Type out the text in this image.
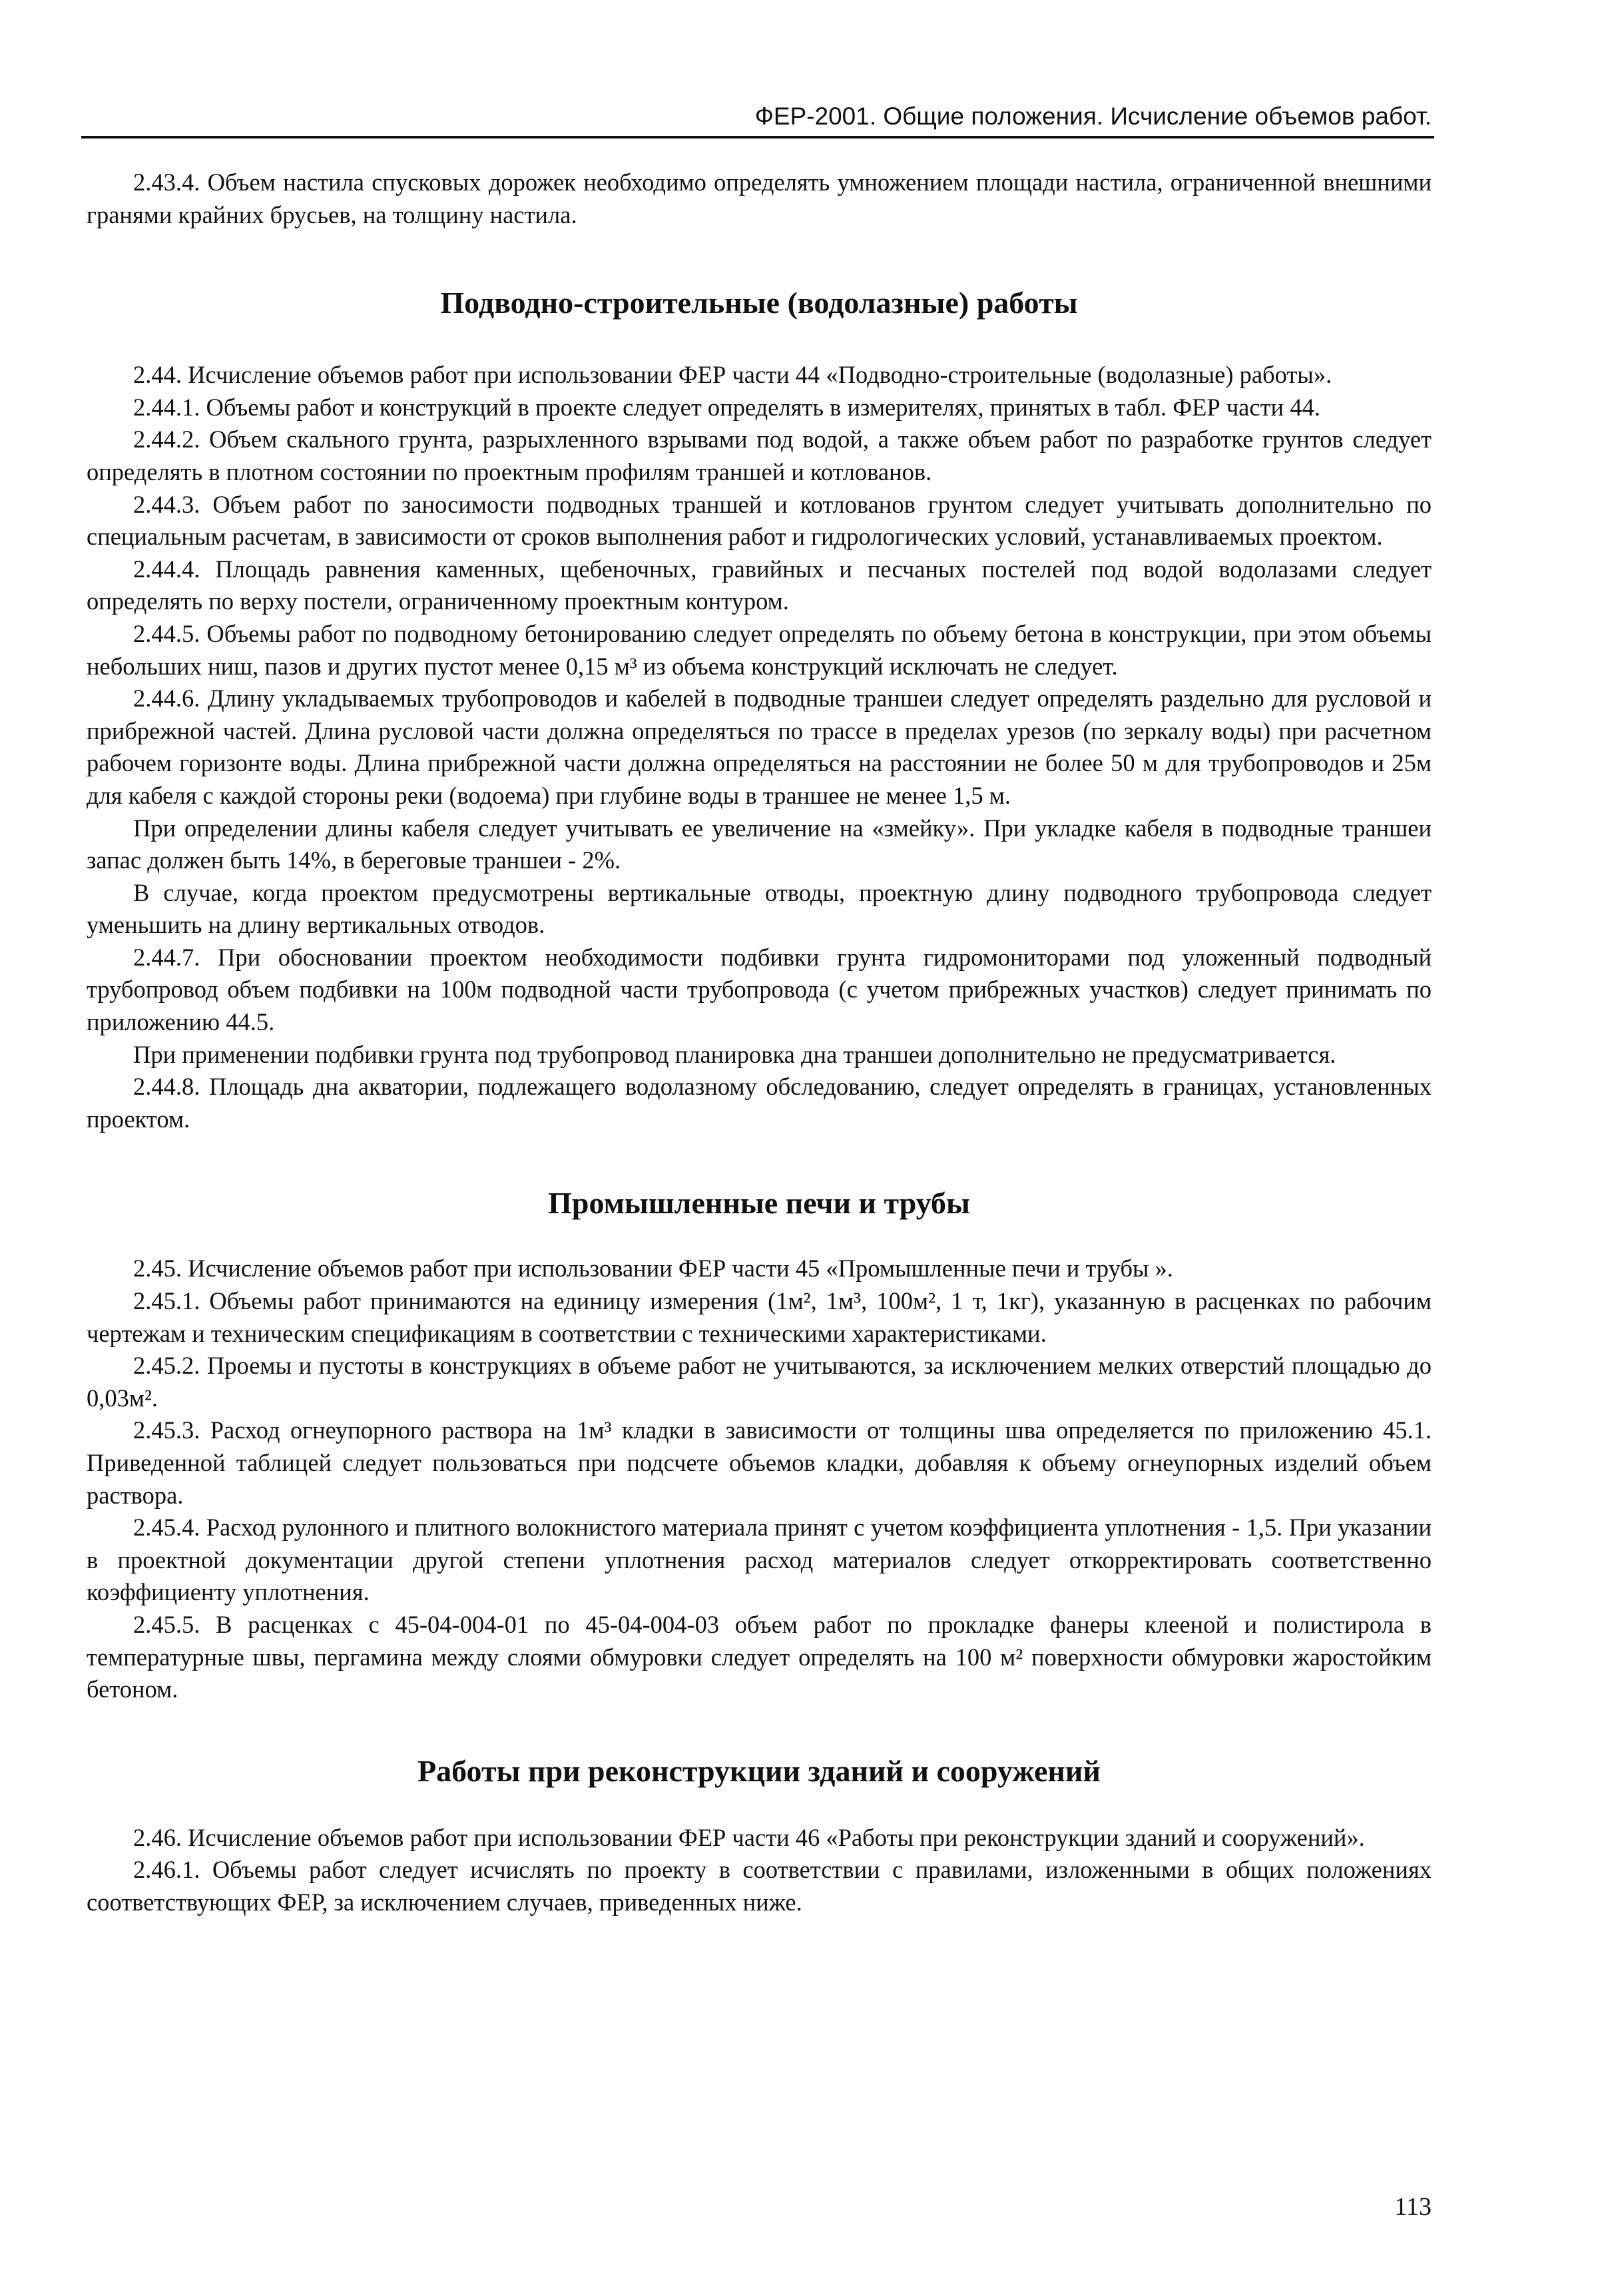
ФЕР-2001. Общие положения. Исчисление объемов работ.

2.43.4. Объем настила спусковых дорожек необходимо определять умножением площади настила, ограниченной внешними гранями крайних брусьев, на толщину настила.

Подводно-строительные (водолазные) работы

2.44. Исчисление объемов работ при использовании ФЕР части 44 «Подводно-строительные (водолазные) работы».

2.44.1. Объемы работ и конструкций в проекте следует определять в измерителях, принятых в табл. ФЕР части 44.

2.44.2. Объем скального грунта, разрыхленного взрывами под водой, а также объем работ по разработке грунтов следует определять в плотном состоянии по проектным профилям траншей и котлованов.

2.44.3. Объем работ по заносимости подводных траншей и котлованов грунтом следует учитывать дополнительно по специальным расчетам, в зависимости от сроков выполнения работ и гидрологических условий, устанавливаемых проектом.

2.44.4. Площадь равнения каменных, щебеночных, гравийных и песчаных постелей под водой водолазами следует определять по верху постели, ограниченному проектным контуром.

2.44.5. Объемы работ по подводному бетонированию следует определять по объему бетона в конструкции, при этом объемы небольших ниш, пазов и других пустот менее 0,15 м³ из объема конструкций исключать не следует.

2.44.6. Длину укладываемых трубопроводов и кабелей в подводные траншеи следует определять раздельно для русловой и прибрежной частей. Длина русловой части должна определяться по трассе в пределах урезов (по зеркалу воды) при расчетном рабочем горизонте воды. Длина прибрежной части должна определяться на расстоянии не более 50 м для трубопроводов и 25м для кабеля с каждой стороны реки (водоема) при глубине воды в траншее не менее 1,5 м.

При определении длины кабеля следует учитывать ее увеличение на «змейку». При укладке кабеля в подводные траншеи запас должен быть 14%, в береговые траншеи - 2%.

В случае, когда проектом предусмотрены вертикальные отводы, проектную длину подводного трубопровода следует уменьшить на длину вертикальных отводов.

2.44.7. При обосновании проектом необходимости подбивки грунта гидромониторами под уложенный подводный трубопровод объем подбивки на 100м подводной части трубопровода (с учетом прибрежных участков) следует принимать по приложению 44.5.

При применении подбивки грунта под трубопровод планировка дна траншеи дополнительно не предусматривается.

2.44.8. Площадь дна акватории, подлежащего водолазному обследованию, следует определять в границах, установленных проектом.

Промышленные печи и трубы

2.45. Исчисление объемов работ при использовании ФЕР части 45 «Промышленные печи и трубы ».

2.45.1. Объемы работ принимаются на единицу измерения (1м², 1м³, 100м², 1 т, 1кг), указанную в расценках по рабочим чертежам и техническим спецификациям в соответствии с техническими характеристиками.

2.45.2. Проемы и пустоты в конструкциях в объеме работ не учитываются, за исключением мелких отверстий площадью до 0,03м².

2.45.3. Расход огнеупорного раствора на 1м³ кладки в зависимости от толщины шва определяется по приложению 45.1. Приведенной таблицей следует пользоваться при подсчете объемов кладки, добавляя к объему огнеупорных изделий объем раствора.

2.45.4. Расход рулонного и плитного волокнистого материала принят с учетом коэффициента уплотнения - 1,5. При указании в проектной документации другой степени уплотнения расход материалов следует откорректировать соответственно коэффициенту уплотнения.

2.45.5. В расценках с 45-04-004-01 по 45-04-004-03 объем работ по прокладке фанеры клееной и полистирола в температурные швы, пергамина между слоями обмуровки следует определять на 100 м² поверхности обмуровки жаростойким бетоном.

Работы при реконструкции зданий и сооружений

2.46. Исчисление объемов работ при использовании ФЕР части 46 «Работы при реконструкции зданий и сооружений».

2.46.1. Объемы работ следует исчислять по проекту в соответствии с правилами, изложенными в общих положениях соответствующих ФЕР, за исключением случаев, приведенных ниже.

113
